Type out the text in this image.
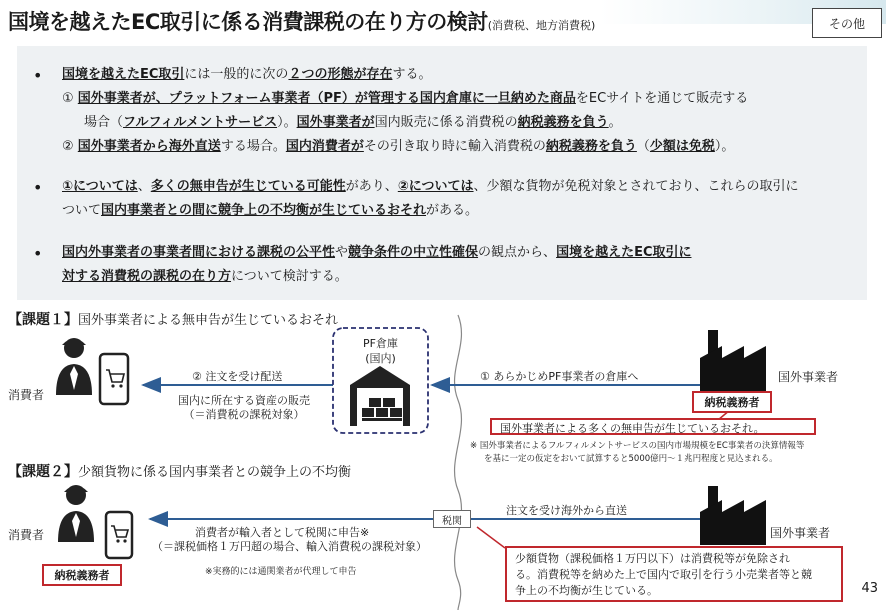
国境を越えたEC取引に係る消費課税の在り方の検討(消費税、地方消費税)	その他
• 国境を越えたEC取引には一般的に次の２つの形態が存在する。
① 国外事業者が、プラットフォーム事業者（PF）が管理する国内倉庫に一旦納めた商品をECサイトを通じて販売する
場合（フルフィルメントサービス）。国外事業者が国内販売に係る消費税の納税義務を負う。
② 国外事業者から海外直送する場合。国内消費者がその引き取り時に輸入消費税の納税義務を負う（少額は免税）。
• ①については、多くの無申告が生じている可能性があり、②については、少額な貨物が免税対象とされており、これらの取引に
ついて国内事業者との間に競争上の不均衡が生じているおそれがある。
• 国内外事業者の事業者間における課税の公平性や競争条件の中立性確保の観点から、国境を越えたEC取引に
対する消費税の課税の在り方について検討する。
【課題１】国外事業者による無申告が生じているおそれ
消費者
国外事業者
PF倉庫
(国内)
② 注文を受け配送	① あらかじめPF事業者の倉庫へ
国内に所在する資産の販売
（＝消費税の課税対象）
納税義務者
国外事業者による多くの無申告が生じているおそれ。
※ 国外事業者によるフルフィルメントサービスの国内市場規模をEC事業者の決算情報等
を基に一定の仮定をおいて試算すると5000億円～１兆円程度と見込まれる。
【課題２】少額貨物に係る国内事業者との競争上の不均衡
消費者	国外事業者
税関
注文を受け海外から直送
消費者が輸入者として税関に申告※
（＝課税価格１万円超の場合、輸入消費税の課税対象）
納税義務者	※実務的には通関業者が代理して申告
少額貨物（課税価格１万円以下）は消費税等が免除され
る。消費税等を納めた上で国内で取引を行う小売業者等と競
争上の不均衡が生じている。	43
